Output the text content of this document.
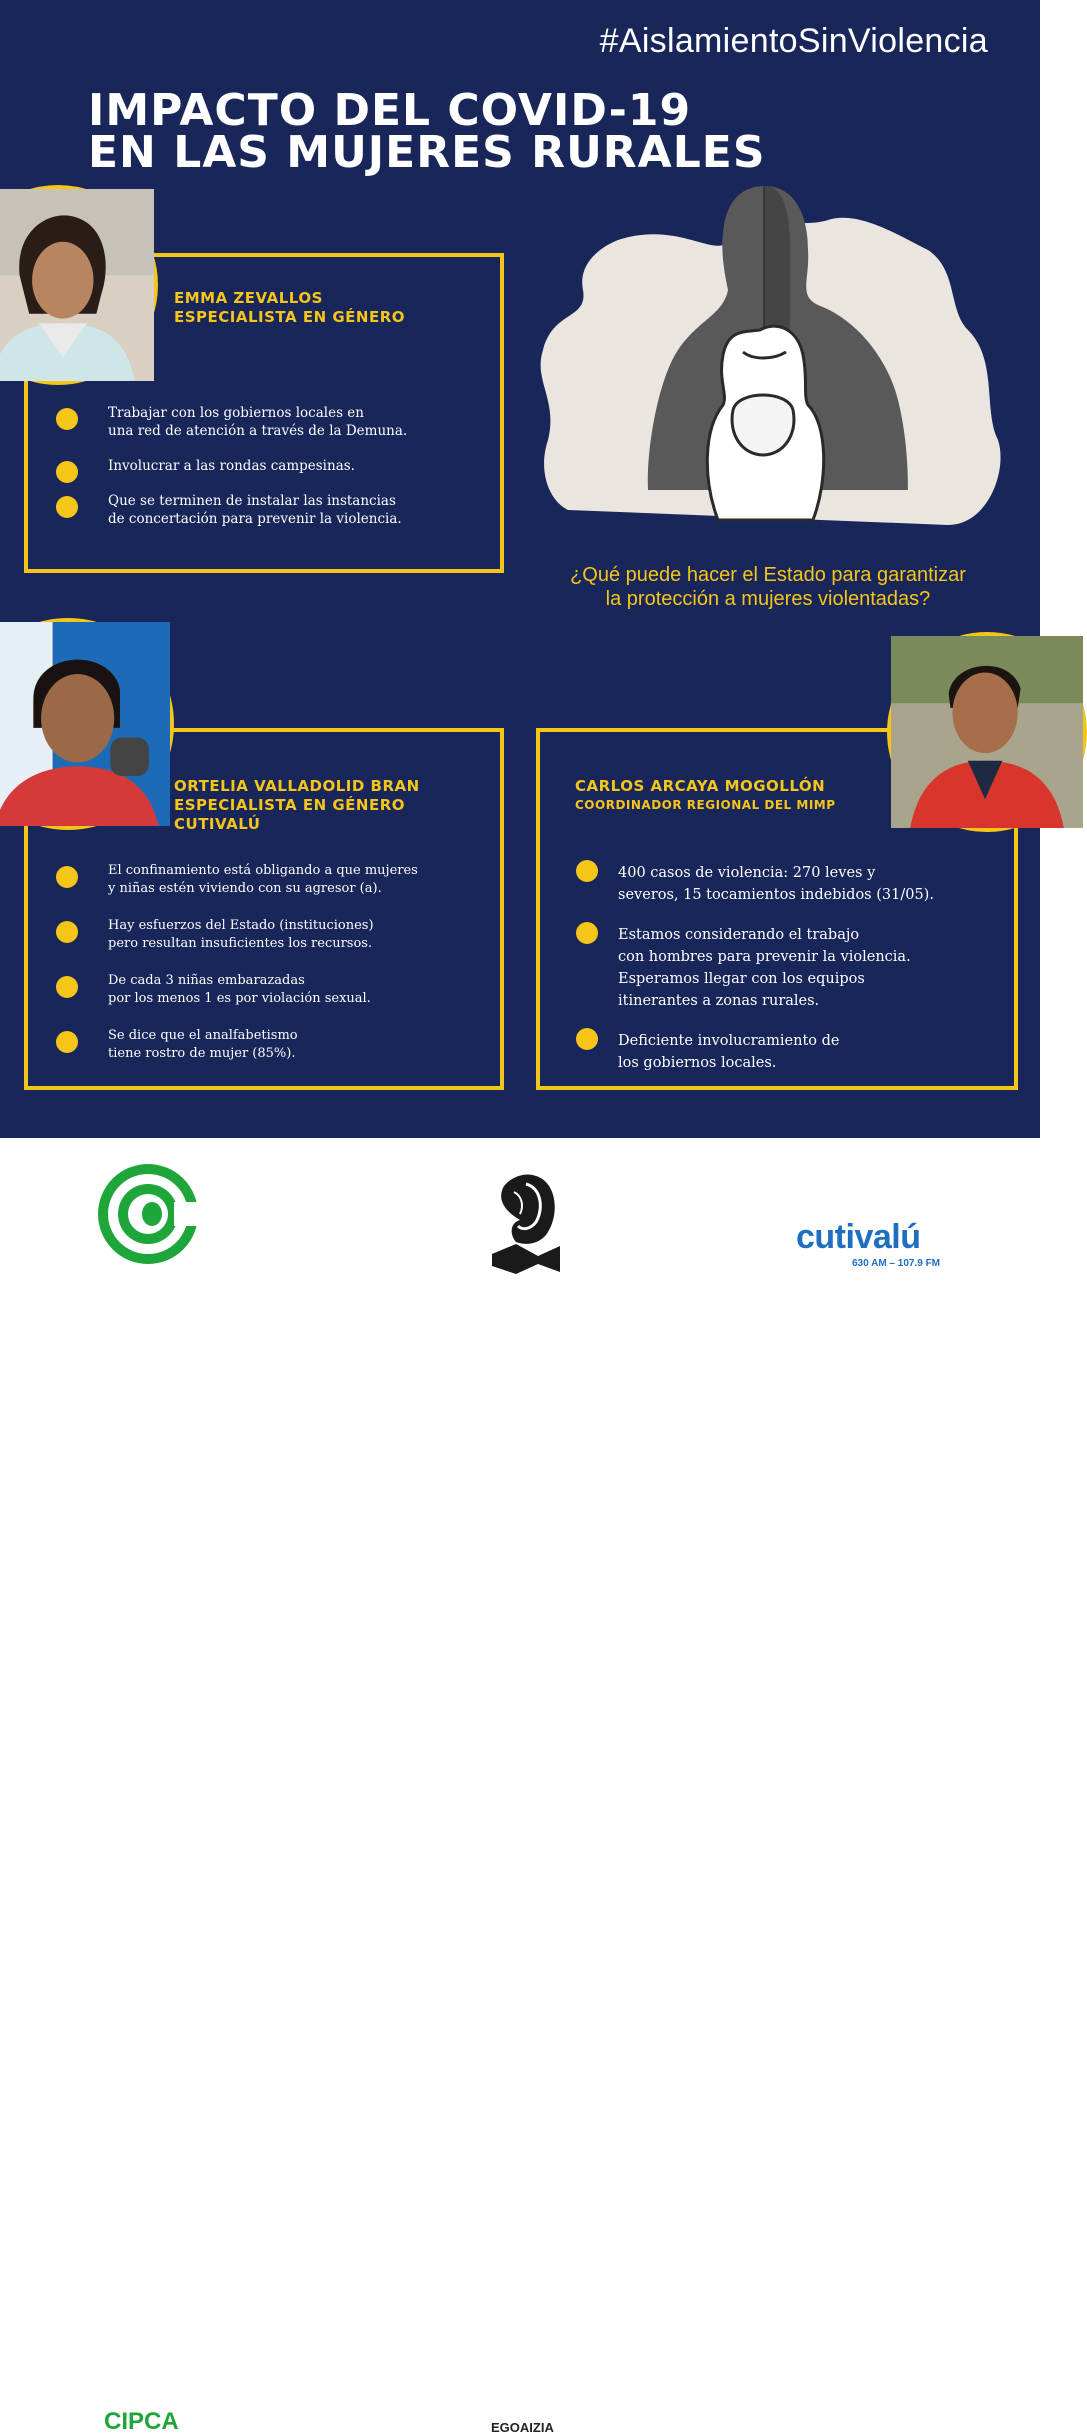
#AislamientoSinViolencia
IMPACTO DEL COVID-19
EN LAS MUJERES RURALES
¿Qué puede hacer el Estado para garantizar
la protección a mujeres violentadas?
EMMA ZEVALLOS
ESPECIALISTA EN GÉNERO
Trabajar con los gobiernos locales en
una red de atención a través de la Demuna.
Involucrar a las rondas campesinas.
Que se terminen de instalar las instancias
de concertación para prevenir la violencia.
ORTELIA VALLADOLID BRAN
ESPECIALISTA EN GÉNERO
CUTIVALÚ
El confinamiento está obligando a que mujeres
y niñas estén viviendo con su agresor (a).
Hay esfuerzos del Estado (instituciones)
pero resultan insuficientes los recursos.
De cada 3 niñas embarazadas
por los menos 1 es por violación sexual.
Se dice que el analfabetismo
tiene rostro de mujer (85%).
CARLOS ARCAYA MOGOLLÓN
COORDINADOR REGIONAL DEL MIMP
400 casos de violencia: 270 leves y
severos, 15 tocamientos indebidos (31/05).
Estamos considerando el trabajo
con hombres para prevenir la violencia.
Esperamos llegar con los equipos
itinerantes a zonas rurales.
Deficiente involucramiento de
los gobiernos locales.
CIPCA	EGOAIZIA
cutivalú
630 AM – 107.9 FM
